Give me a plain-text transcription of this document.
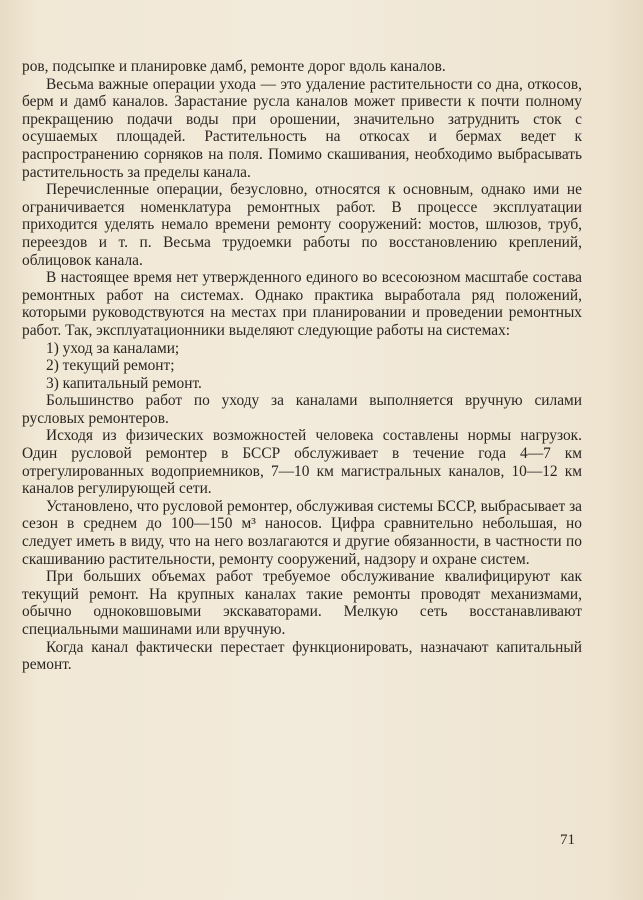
ров, подсыпке и планировке дамб, ремонте дорог вдоль каналов.

Весьма важные операции ухода — это удаление растительности со дна, откосов, берм и дамб каналов. Зарастание русла каналов может привести к почти полному прекращению подачи воды при орошении, значительно затруднить сток с осушаемых площадей. Растительность на откосах и бермах ведет к распространению сорняков на поля. Помимо скашивания, необходимо выбрасывать растительность за пределы канала.

Перечисленные операции, безусловно, относятся к основным, однако ими не ограничивается номенклатура ремонтных работ. В процессе эксплуатации приходится уделять немало времени ремонту сооружений: мостов, шлюзов, труб, переездов и т. п. Весьма трудоемки работы по восстановлению креплений, облицовок канала.

В настоящее время нет утвержденного единого во всесоюзном масштабе состава ремонтных работ на системах. Однако практика выработала ряд положений, которыми руководствуются на местах при планировании и проведении ремонтных работ. Так, эксплуатационники выделяют следующие работы на системах:

1) уход за каналами;

2) текущий ремонт;

3) капитальный ремонт.

Большинство работ по уходу за каналами выполняется вручную силами русловых ремонтеров.

Исходя из физических возможностей человека составлены нормы нагрузок. Один русловой ремонтер в БССР обслуживает в течение года 4—7 км отрегулированных водоприемников, 7—10 км магистральных каналов, 10—12 км каналов регулирующей сети.

Установлено, что русловой ремонтер, обслуживая системы БССР, выбрасывает за сезон в среднем до 100—150 м³ наносов. Цифра сравнительно небольшая, но следует иметь в виду, что на него возлагаются и другие обязанности, в частности по скашиванию растительности, ремонту сооружений, надзору и охране систем.

При больших объемах работ требуемое обслуживание квалифицируют как текущий ремонт. На крупных каналах такие ремонты проводят механизмами, обычно одноковшовыми экскаваторами. Мелкую сеть восстанавливают специальными машинами или вручную.

Когда канал фактически перестает функционировать, назначают капитальный ремонт.

71
